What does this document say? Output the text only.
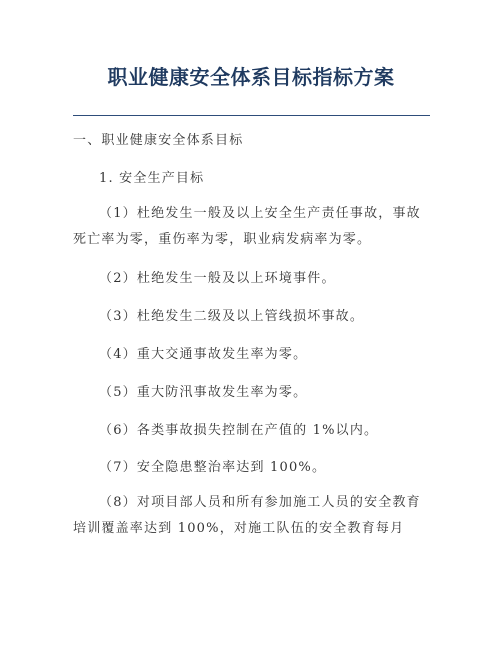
职业健康安全体系目标指标方案

一、职业健康安全体系目标

1. 安全生产目标

（1）杜绝发生一般及以上安全生产责任事故，事故死亡率为零，重伤率为零，职业病发病率为零。

（2）杜绝发生一般及以上环境事件。

（3）杜绝发生二级及以上管线损坏事故。

（4）重大交通事故发生率为零。

（5）重大防汛事故发生率为零。

（6）各类事故损失控制在产值的 1%以内。

（7）安全隐患整治率达到 100%。

（8）对项目部人员和所有参加施工人员的安全教育培训覆盖率达到 100%，对施工队伍的安全教育每月
